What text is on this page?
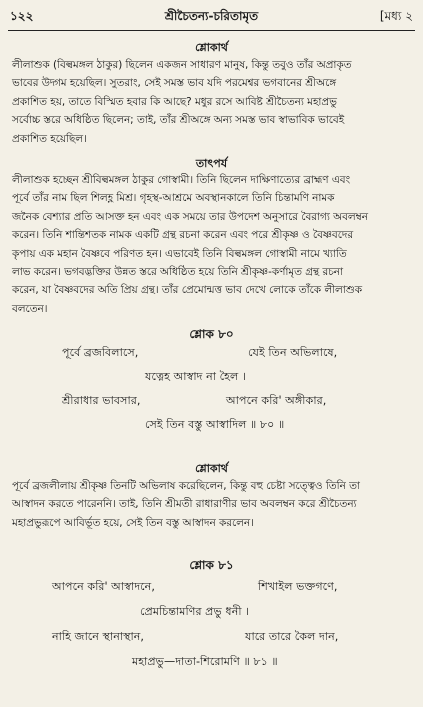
১২২	শ্রীচৈতন্য-চরিতামৃত	[মধ্য ২
শ্লোকার্থ

লীলাশুক (বিল্বমঙ্গল ঠাকুর) ছিলেন একজন সাধারণ মানুষ, কিন্তু তবুও তাঁর অপ্রাকৃত

ভাবের উদ্গম হয়েছিল। সুতরাং, সেই সমস্ত ভাব যদি পরমেশ্বর ভগবানের শ্রীঅঙ্গে

প্রকাশিত হয়, তাতে বিস্মিত হবার কি আছে? মধুর রসে আবিষ্ট শ্রীচৈতন্য মহাপ্রভু

সর্বোচ্চ স্তরে অধিষ্ঠিত ছিলেন; তাই, তাঁর শ্রীঅঙ্গে অন্য সমস্ত ভাব স্বাভাবিক ভাবেই

প্রকাশিত হয়েছিল।

তাৎপর্য

লীলাশুক হচ্ছেন শ্রীবিল্বমঙ্গল ঠাকুর গোস্বামী। তিনি ছিলেন দাক্ষিণাত্যের ব্রাহ্মণ এবং

পূর্বে তাঁর নাম ছিল শিলহ্ণ মিশ্র। গৃহস্থ-আশ্রমে অবস্থানকালে তিনি চিন্তামণি নামক

জনৈক বেশ্যার প্রতি আসক্ত হন এবং এক সময়ে তার উপদেশ অনুসারে বৈরাগ্য অবলম্বন

করেন। তিনি শান্তিশতক নামক একটি গ্রন্থ রচনা করেন এবং পরে শ্রীকৃষ্ণ ও বৈষ্ণবদের

কৃপায় এক মহান বৈষ্ণবে পরিণত হন। এভাবেই তিনি বিল্বমঙ্গল গোস্বামী নামে খ্যাতি

লাভ করেন। ভগবদ্ভক্তির উন্নত স্তরে অধিষ্ঠিত হয়ে তিনি শ্রীকৃষ্ণ-কর্ণামৃত গ্রন্থ রচনা

করেন, যা বৈষ্ণবদের অতি প্রিয় গ্রন্থ। তাঁর প্রেমোন্মত্ত ভাব দেখে লোকে তাঁকে লীলাশুক

বলতেন।

শ্লোক ৮০
পূর্বে ব্রজবিলাসে,	যেই তিন অভিলাষে,
যত্নেহ আস্বাদ না হৈল ।
শ্রীরাধার ভাবসার,	আপনে করি' অঙ্গীকার,
সেই তিন বস্তু আস্বাদিল ॥ ৮০ ॥
শ্লোকার্থ

পূর্বে ব্রজলীলায় শ্রীকৃষ্ণ তিনটি অভিলাষ করেছিলেন, কিন্তু বহু চেষ্টা সত্ত্বেও তিনি তা

আস্বাদন করতে পারেননি। তাই, তিনি শ্রীমতী রাধারাণীর ভাব অবলম্বন করে শ্রীচৈতন্য

মহাপ্রভুরূপে আবির্ভূত হয়ে, সেই তিন বস্তু আস্বাদন করলেন।

শ্লোক ৮১
আপনে করি' আস্বাদনে,	শিখাইল ভক্তগণে,
প্রেমচিন্তামণির প্রভু ধনী ।
নাহি জানে স্থানাস্থান,	যারে তারে কৈল দান,
মহাপ্রভু—দাতা-শিরোমণি ॥ ৮১ ॥
